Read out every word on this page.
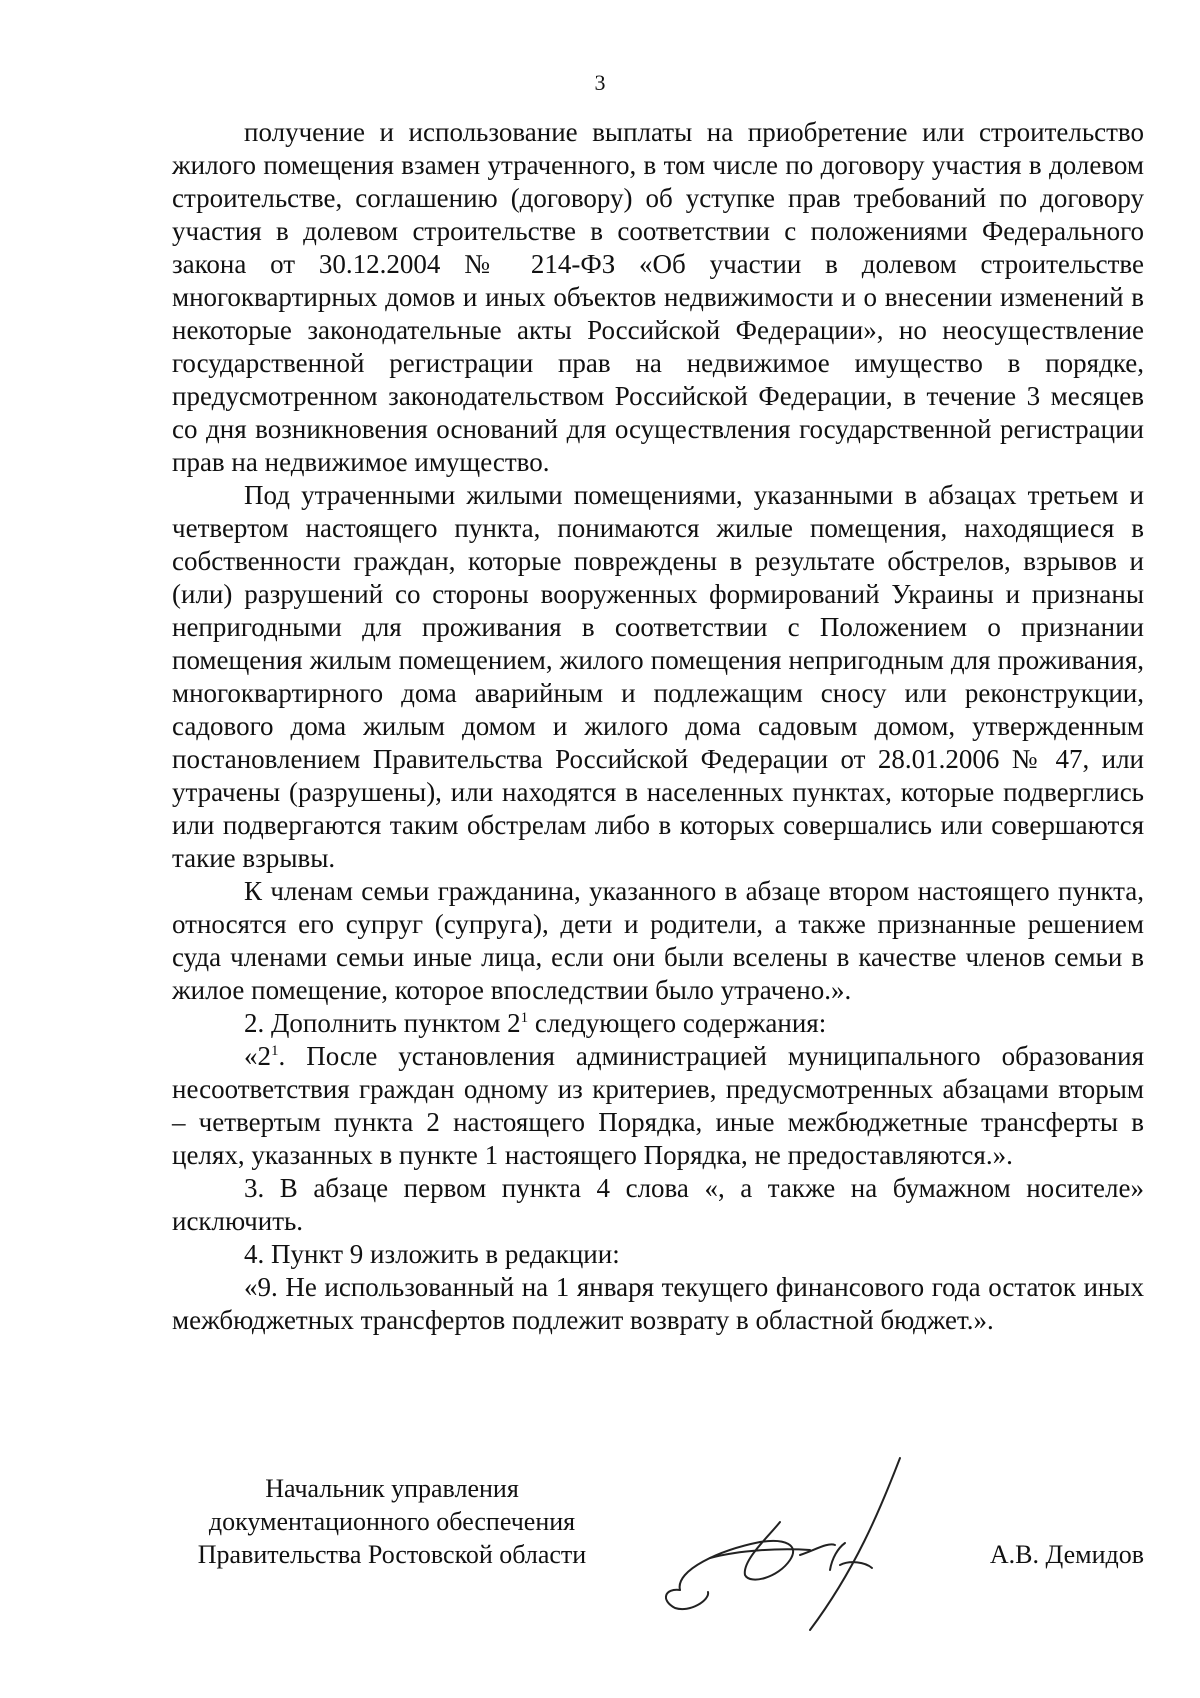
3

получение и использование выплаты на приобретение или строительство жилого помещения взамен утраченного, в том числе по договору участия в долевом строительстве, соглашению (договору) об уступке прав требований по договору участия в долевом строительстве в соответствии с положениями Федерального закона от 30.12.2004 № 214-ФЗ «Об участии в долевом строительстве многоквартирных домов и иных объектов недвижимости и о внесении изменений в некоторые законодательные акты Российской Федерации», но неосуществление государственной регистрации прав на недвижимое имущество в порядке, предусмотренном законодательством Российской Федерации, в течение 3 месяцев со дня возникновения оснований для осуществления государственной регистрации прав на недвижимое имущество.

Под утраченными жилыми помещениями, указанными в абзацах третьем и четвертом настоящего пункта, понимаются жилые помещения, находящиеся в собственности граждан, которые повреждены в результате обстрелов, взрывов и (или) разрушений со стороны вооруженных формирований Украины и признаны непригодными для проживания в соответствии с Положением о признании помещения жилым помещением, жилого помещения непригодным для проживания, многоквартирного дома аварийным и подлежащим сносу или реконструкции, садового дома жилым домом и жилого дома садовым домом, утвержденным постановлением Правительства Российской Федерации от 28.01.2006 № 47, или утрачены (разрушены), или находятся в населенных пунктах, которые подверглись или подвергаются таким обстрелам либо в которых совершались или совершаются такие взрывы.

К членам семьи гражданина, указанного в абзаце втором настоящего пункта, относятся его супруг (супруга), дети и родители, а также признанные решением суда членами семьи иные лица, если они были вселены в качестве членов семьи в жилое помещение, которое впоследствии было утрачено.».

2. Дополнить пунктом $2^1$ следующего содержания:

«$2^1$. После установления администрацией муниципального образования несоответствия граждан одному из критериев, предусмотренных абзацами вторым – четвертым пункта 2 настоящего Порядка, иные межбюджетные трансферты в целях, указанных в пункте 1 настоящего Порядка, не предоставляются.».

3. В абзаце первом пункта 4 слова «, а также на бумажном носителе» исключить.

4. Пункт 9 изложить в редакции:

«9. Не использованный на 1 января текущего финансового года остаток иных межбюджетных трансфертов подлежит возврату в областной бюджет.».

Начальник управления
документационного обеспечения
Правительства Ростовской области	А.В. Демидов
